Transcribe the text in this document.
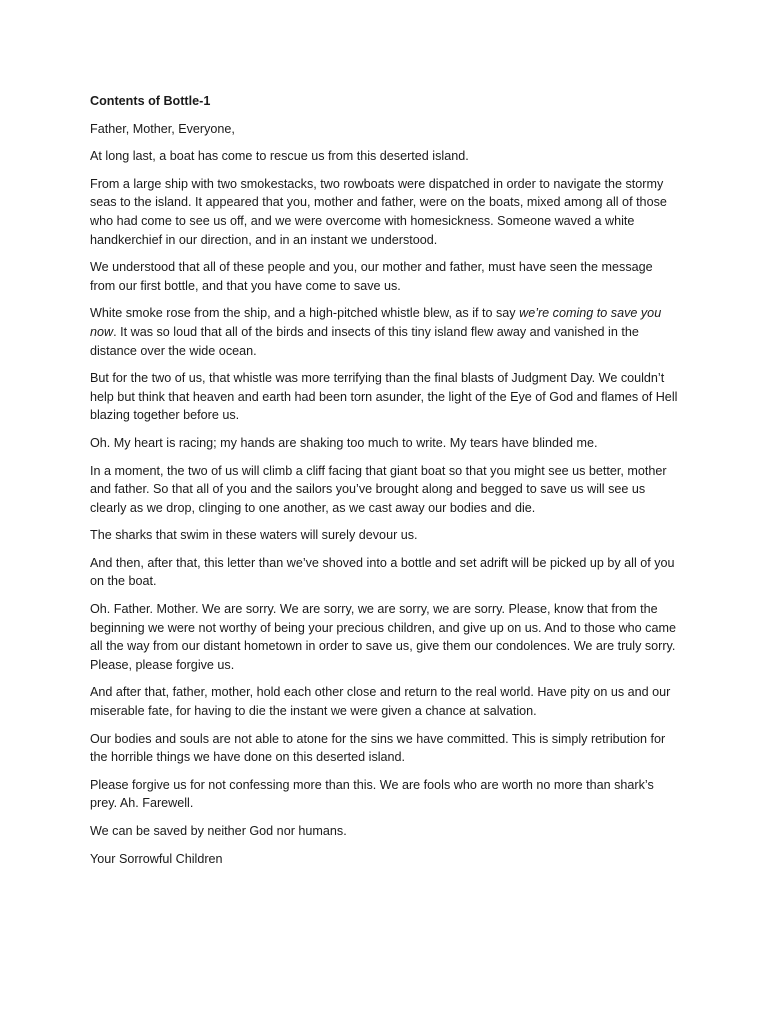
Contents of Bottle-1

Father, Mother, Everyone,

At long last, a boat has come to rescue us from this deserted island.

From a large ship with two smokestacks, two rowboats were dispatched in order to navigate the stormy seas to the island. It appeared that you, mother and father, were on the boats, mixed among all of those who had come to see us off, and we were overcome with homesickness. Someone waved a white handkerchief in our direction, and in an instant we understood.

We understood that all of these people and you, our mother and father, must have seen the message from our first bottle, and that you have come to save us.

White smoke rose from the ship, and a high-pitched whistle blew, as if to say we’re coming to save you now. It was so loud that all of the birds and insects of this tiny island flew away and vanished in the distance over the wide ocean.

But for the two of us, that whistle was more terrifying than the final blasts of Judgment Day. We couldn’t help but think that heaven and earth had been torn asunder, the light of the Eye of God and flames of Hell blazing together before us.

Oh. My heart is racing; my hands are shaking too much to write. My tears have blinded me.

In a moment, the two of us will climb a cliff facing that giant boat so that you might see us better, mother and father. So that all of you and the sailors you’ve brought along and begged to save us will see us clearly as we drop, clinging to one another, as we cast away our bodies and die.

The sharks that swim in these waters will surely devour us.

And then, after that, this letter than we’ve shoved into a bottle and set adrift will be picked up by all of you on the boat.

Oh. Father. Mother. We are sorry. We are sorry, we are sorry, we are sorry. Please, know that from the beginning we were not worthy of being your precious children, and give up on us. And to those who came all the way from our distant hometown in order to save us, give them our condolences. We are truly sorry. Please, please forgive us.

And after that, father, mother, hold each other close and return to the real world. Have pity on us and our miserable fate, for having to die the instant we were given a chance at salvation.

Our bodies and souls are not able to atone for the sins we have committed. This is simply retribution for the horrible things we have done on this deserted island.

Please forgive us for not confessing more than this. We are fools who are worth no more than shark’s prey. Ah. Farewell.

We can be saved by neither God nor humans.

Your Sorrowful Children
